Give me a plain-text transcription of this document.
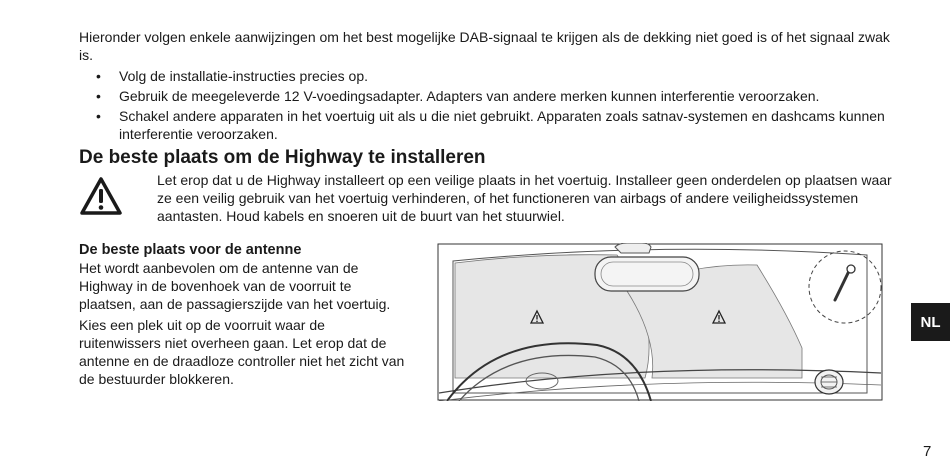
Hieronder volgen enkele aanwijzingen om het best mogelijke DAB-signaal te krijgen als de dekking niet goed is of het signaal zwak is.

• Volg de installatie-instructies precies op.
• Gebruik de meegeleverde 12 V-voedingsadapter. Adapters van andere merken kunnen interferentie veroorzaken.
• Schakel andere apparaten in het voertuig uit als u die niet gebruikt. Apparaten zoals satnav-systemen en dashcams kunnen interferentie veroorzaken.
De beste plaats om de Highway te installeren

Let erop dat u de Highway installeert op een veilige plaats in het voertuig. Installeer geen onderdelen op plaatsen waar ze een veilig gebruik van het voertuig verhinderen, of het functioneren van airbags of andere veiligheidssystemen aantasten. Houd kabels en snoeren uit de buurt van het stuurwiel.

De beste plaats voor de antenne

Het wordt aanbevolen om de antenne van de Highway in de bovenhoek van de voorruit te plaatsen, aan de passagierszijde van het voertuig.

Kies een plek uit op de voorruit waar de ruitenwissers niet overheen gaan. Let erop dat de antenne en de draadloze controller niet het zicht van de bestuurder blokkeren.

NL
7
